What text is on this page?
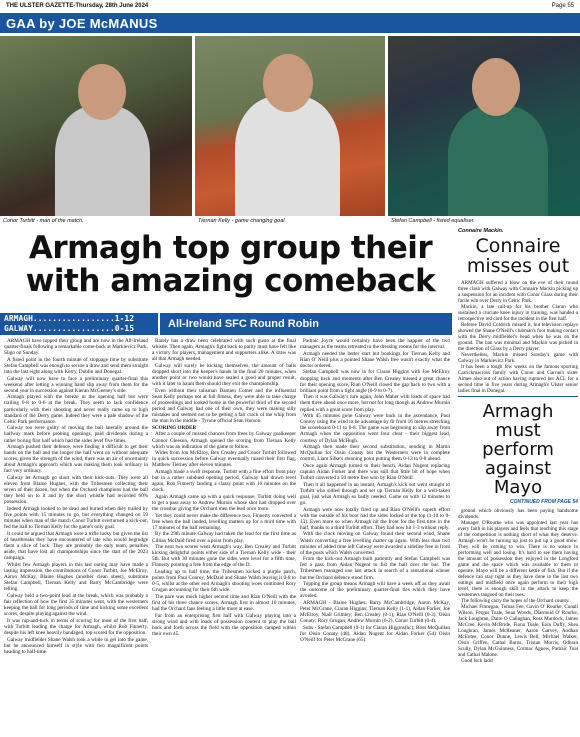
THE ULSTER GAZETTE-Thursday, 28th June 2024	Page 55
GAA by JOE McMANUS
Conor Turbitt - man of the match.	Tiernan Kelly - game changing goal.	Stefan Campbell - fisted equaliser.
Armagh top group their with amazing comeback
ARMAGH.................1-12
GALWAY.................0-15	All-Ireland SFC Round Robin

ARMAGH have topped their group and are now in the All-Ireland quarter-finals following a remarkable come-back at Markievicz Park, Sligo on Sunday.

A fisted point in the fourth minute of stoppage time by substitute Stefan Campbell was enough to secure a draw and send them straight into the last eight along with Kerry, Dublin and Donegal.

Galway will now have to face a preliminary quarter-final this weekend after letting a winning hand slip away from them for the second year in succession against Kieran McGeeney's side.

Armagh played with the breeze in the opening half but were trailing 0-8 to 0-6 at the break. They seem to lack confidence particularly with their shooting and never really came up to high standard of the Derry game. Indeed they were a pale shadow of the Celtic Park performance.

Galway too were guilty of moving the ball laterally around the halfway mark before probing openings, paid dividends during a rather boring first half which had the sides level five times.

Armagh pushed their defence, were finding it difficult to get their hands on the ball and the longer the half went on without adequate scores, given the strength of the wind, there was an air of uncertainty about Armagh's approach which was making them look ordinary in fact very ordinary.

Galway let Armagh go short with their kick-outs. They were all eleven from Blaine Hughes, with the Tribesmen collecting their seven of their dozen, but when the Orchard champions had the ball they held on to it and by the short whistle had recorded 60% possession.

Indeed Armagh looked to be dead and buried when they trailed by five points with 15 minutes to go, but everything changed on 59 minutes when man of the match Conor Turbitt overturned a kick-out, fed the ball to Tiernan Kelly for the game's only goal.

It could be argued that Armagh were a trifle lucky but given the list of heartbreaks they have encountered of late who would begrudge them a slice of luck. They are probably the only team, penalties aside, that have lost all championships since the start of the 2023 campaign.

Whilst few Armagh players in this last outing may have made a lasting impression, the contributions of Conor Turbitt, Joe McElroy, Aaron McKay, Blaine Hughes (another clean sheet), substitute Stefan Campbell, Tiernan Kelly and Barry McCambridge were telling.

Galway held a two-point lead at the break, which was probably a fair reflection of how the first 35 minutes went, with the westerners keeping the ball for long periods of time and kicking some excellent scores, despite playing against the wind.

It was nip-and-tuck in terms of scoring for most of the first half, with Turbitt leading the charge for Armagh, whilst Rob Finnerty, despite his left knee heavily bandaged, top scored for the opposition.

Galway midfielder Shane Walsh took a while to get into the game, but he announced himself in style with two magnificent points heading to half-time.

Rarely has a draw been celebrated with such gusto at the final whistle. Then again, Armagh's fight back to parity must have felt like a victory for players, management and supporters alike. A draw was all that Armagh needed.

Galway will surely be kicking themselves, the amount of balls dropped short into the keeper's hands in the final 20 minutes, when another point or two would have sealed a good and proper result, with it later to haunt them should they exit the championship.

Even without their talisman Damien Comer and the influential Sean Kelly perhaps not at full fitness, they were able to take charge of proceedings and looked home in the powerful third of the second period and Galway had one of their own, they were making silly mistakes and seemed not to be getting a fair crack of the whip from the man in the middle - Tyrone official Sean Hurson.

SCORING ORDER

After a couple of missed chances from frees by Galway goalkeeper Connor Gleeson, Armagh opened the scoring from Tiernan Kelly which was an indication of the game to follow.

Wides from Jon McElroy, Ben Crealey and Conor Turbitt followed in quick succession before Galway eventually raised their first flag, Matthew Tierney after eleven minutes.

Armagh made a swift response, Turbitt with a fine effort from play but in a rather subdued opening period, Galway had drawn level again, Rob Finnerty landing a classy point with 16 minutes on the clock.

Again Armagh came up with a quick response, Turbitt doing well to get a pass away to Andrew Murnin whose shot had dropped over the crossbar giving the Orchard men the lead once more.

Yet they could never make the difference two, Finnerty converted a free when the ball landed, levelling matters up for a third time with 17 minutes of the half remaining.

By the 29th minute Galway had taken the lead for the first time as Cillian McDaid fired over a point from play.

The next two scores went Armagh's way. Ben Crealey and Turbitt kicking delightful points either side of a Tiernan Kelly wide - their 5th. But with 30 minutes gone the sides were level for a fifth time, Finnerty pointing a free from the edge of the D.

Leading up to half time, the Tribesmen kicked a purple patch, points from Paul Conroy, McDaid and Shane Walsh leaving it 0-8 to 0-5, whilst at the other end Armagh's shooting woes continued Rory Grugan accounting for their 6th wide.

The pace was much higher second time and Rian O'Neill with the first of his three chance scores, Armagh first in almost 10 minutes, had the Orchard fans feeling a little more at ease.

Far from an enterprising first half with Galway playing into a strong wind and with loads of possession content to play the ball back and forth across the field with the opposition camped within their own 45.

Padraic Joyce would certainly have been the happier of the two managers as the teams retreated to the dressing rooms for the interval.

Armagh needed the better start but bookings for Tiernan Kelly and Rian O' Neill plus a pointed Shane Walsh free wasn't exactly what the doctor ordered.

Stefan Campbell was now in for Ciaran Higgins with Joe McElroy dropping back and moments after Ben Crealey missed a great chance for their opening score, Rian O'Neill closed the gap back to two with a brilliant point from a tight angle (0-9 to 0-7).

Then it was Galway's turn again, John Maher with loads of space had them three ahead once more, but not for long though as Andrew Murnin replied with a great score from play.

With 45 minutes gone Galway were back in the ascendance, Paul Conroy using the wind to be advantage by fit from 16 metres stretching the scoreboard 0-11 to 0-8. The game was beginning to slip away from Armagh when the opposition went four clear - their biggest lead, courtesy of Dylan McHugh.

Armagh then made their second substitution, sending in Martin McQuillan for Oisin Conaty but the Westerners were in complete control, Liam Silke's stunning point putting them 0-13 to 0-8 ahead.

Once again Armagh turned to their bench, Aidan Nugent replacing captain Aidan Forker and there was still that little bit of hope when Turbitt converted a 50 metre free won by Rian O'Neill.

Then it all happened in an instant, Armagh's kick out went straight to Turbitt who sidled through and set up Tiernan Kelly for a well-taken goal, just what Armagh so badly needed. Game on with 12 minutes to go.

Armagh were now totally fired up and Rian O'Neill's superb effort with the outside of his boot had the sides locked at the top (1-10 to 0-13). Even more so when Armagh hit the front for the first time in the half, thanks to a third Turbitt effort. They had now hit 1-3 without reply.

With the clock moving on Galway found their second wind, Shane Walsh converting a free levelling matter up again. With less than two minutes of added time left Galway were awarded a sideline free in front of the posts which Walsh converted.

From the kick-out Armagh built patiently and Stefan Campbell was fed a pass from Aidan Nugent to fist the ball over the bar. The Tribesmen managed one last attack in search of a sensational winner but the Orchard defence stood firm.

Topping the group means Armagh will have a week off as they await the outcome of the preliminary quarter-final ties which they have avoided.

ARMAGH - Blaine Hughes; Barry McCambridge, Aaron McKay, Peter McGrane, Ciaran Higgins; Tiernan Kelly (1-1), Aidan Forker, Joe McElroy, Niall Grimley; Ben Crealey (0-1), Rian O'Neill (0-3), Oisin Conaty; Rory Grugan, Andrew Murnin (0-2), Conor Turbitt (0-4).

Subs - Stefan Campbell (0-1) for Ciaran Higgins(hc); Ross McQuillan for Oisin Conaty (48), Aidan Nugent for Aidan Forker (54) Oisin O'Neill for Peter McGrane (65).

Connaire Mackin.
Connaire misses out

ARMAGH suffered a blow on the eve of their round three clash with Galway with Connaire Mackin picking up a suspension for an incident with Conor Glass during their facile win over Derry in Celtic Park.

Mackin, a late call-up for his brother Ciaran who sustained a cruciate knee injury in training, was handed a retrospective red card for the incident in the first half.

Referee David Coldrick missed it, but television replays showed the Shane O'Neill's clubman's foot making contact with the Derry midfielder's head when he was on the ground. The ban was minimal and Mackin was picked in the direction of Glass by a Derry player.

Nevertheless, Mackin missed Sunday's game with Galway in Markievicz Park.

It has been a tough few weeks on the famous sporting Carrickmacross family with Conor and Garran's sister Aimee also out of action having ruptured her ACL for a second time in five years during Armagh's Ulster senior ladies final in Donegal.

Armagh must perform against Mayo
CONTINUED FROM PAGE 54

ground which obviously has been paying handsome dividends.

Manager O'Rourke who was appointed last year has every faith in his players and feels that reaching this stage of the competition is nothing short of what they deserve. Armagh won't be turning up just to put up a good show. They will be coming to win. There is no solace in performing well and losing. It's hard to see them having the amount of possession they enjoyed in the Longford game and the space which was available to them to operate. Mayo will be a different kettle of fish. But if the defence can stay tight as they have done in the last two outings and midfield once again perform to their high level, there is enough skill in the attack to keep the westerners tangoed on their toes.

The following carry the hopes of the Orchard county.

Michael Finnegan, Tomas Fee, Gavin O' Rourke, Conall Wilson, Fergus Toale, Sean Woods, Diarmuid O' Rourke, Jack Loughran, Daire O Callaghan, Ross Murdock, James McCree, Kevin McBride, Fionn Toale, Eoin Duffy, Shea Loughran, James McReaner, Aaron Garvey, Aodhan McEntee, Conor Dunne, Lewis Bell, Michael Walker, Oisin Griffen, Cathal Burns, Tristan Morris, Odhran Scully, Dylan McGuinness, Cormac Agnew, Padraic Toal and Cathal Malone.

Good luck lads!
